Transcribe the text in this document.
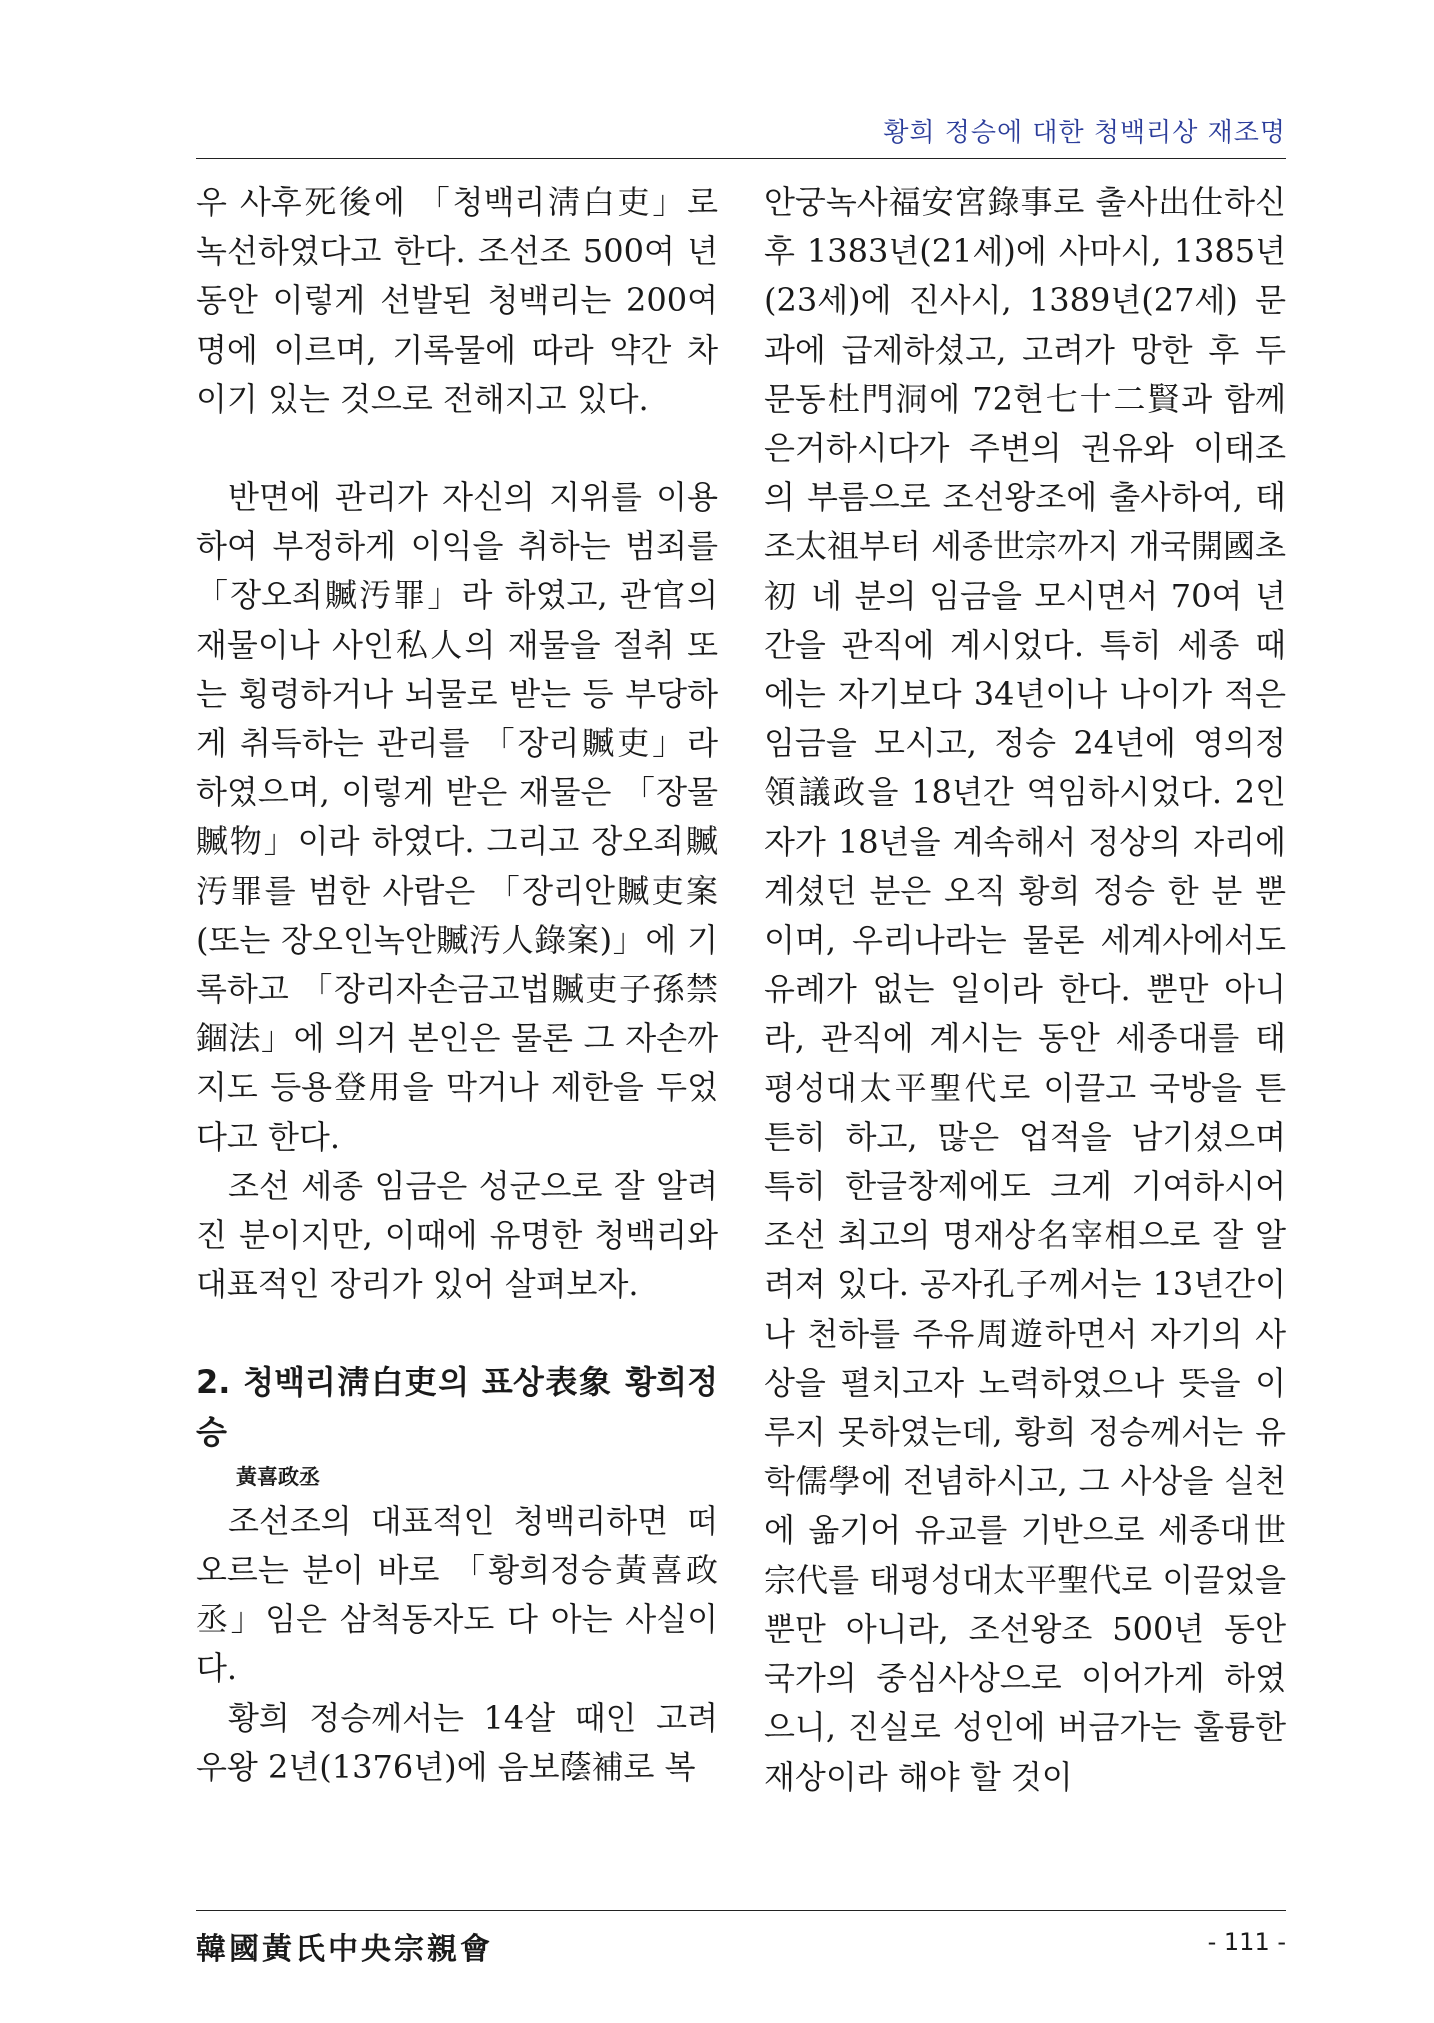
황희 정승에 대한 청백리상 재조명

우 사후死後에 「청백리淸白吏」로 녹선하였다고 한다. 조선조 500여 년 동안 이렇게 선발된 청백리는 200여 명에 이르며, 기록물에 따라 약간 차이기 있는 것으로 전해지고 있다.

반면에 관리가 자신의 지위를 이용하여 부정하게 이익을 취하는 범죄를 「장오죄贓汚罪」라 하였고, 관官의 재물이나 사인私人의 재물을 절취 또는 횡령하거나 뇌물로 받는 등 부당하게 취득하는 관리를 「장리贓吏」라 하였으며, 이렇게 받은 재물은 「장물贓物」이라 하였다. 그리고 장오죄贓汚罪를 범한 사람은 「장리안贓吏案(또는 장오인녹안贓汚人錄案)」에 기록하고 「장리자손금고법贓吏子孫禁錮法」에 의거 본인은 물론 그 자손까지도 등용登用을 막거나 제한을 두었다고 한다.

조선 세종 임금은 성군으로 잘 알려진 분이지만, 이때에 유명한 청백리와 대표적인 장리가 있어 살펴보자.

2. 청백리淸白吏의 표상表象 황희정승

黃喜政丞

조선조의 대표적인 청백리하면 떠오르는 분이 바로 「황희정승黃喜政丞」임은 삼척동자도 다 아는 사실이다.

황희 정승께서는 14살 때인 고려 우왕 2년(1376년)에 음보蔭補로 복

안궁녹사福安宮錄事로 출사出仕하신 후 1383년(21세)에 사마시, 1385년(23세)에 진사시, 1389년(27세) 문과에 급제하셨고, 고려가 망한 후 두문동杜門洞에 72현七十二賢과 함께 은거하시다가 주변의 권유와 이태조의 부름으로 조선왕조에 출사하여, 태조太祖부터 세종世宗까지 개국開國초初 네 분의 임금을 모시면서 70여 년간을 관직에 계시었다. 특히 세종 때에는 자기보다 34년이나 나이가 적은 임금을 모시고, 정승 24년에 영의정領議政을 18년간 역임하시었다. 2인자가 18년을 계속해서 정상의 자리에 계셨던 분은 오직 황희 정승 한 분 뿐이며, 우리나라는 물론 세계사에서도 유례가 없는 일이라 한다. 뿐만 아니라, 관직에 계시는 동안 세종대를 태평성대太平聖代로 이끌고 국방을 튼튼히 하고, 많은 업적을 남기셨으며 특히 한글창제에도 크게 기여하시어 조선 최고의 명재상名宰相으로 잘 알려져 있다. 공자孔子께서는 13년간이나 천하를 주유周遊하면서 자기의 사상을 펼치고자 노력하였으나 뜻을 이루지 못하였는데, 황희 정승께서는 유학儒學에 전념하시고, 그 사상을 실천에 옮기어 유교를 기반으로 세종대世宗代를 태평성대太平聖代로 이끌었을 뿐만 아니라, 조선왕조 500년 동안 국가의 중심사상으로 이어가게 하였으니, 진실로 성인에 버금가는 훌륭한 재상이라 해야 할 것이

韓國黃氏中央宗親會	- 111 -
